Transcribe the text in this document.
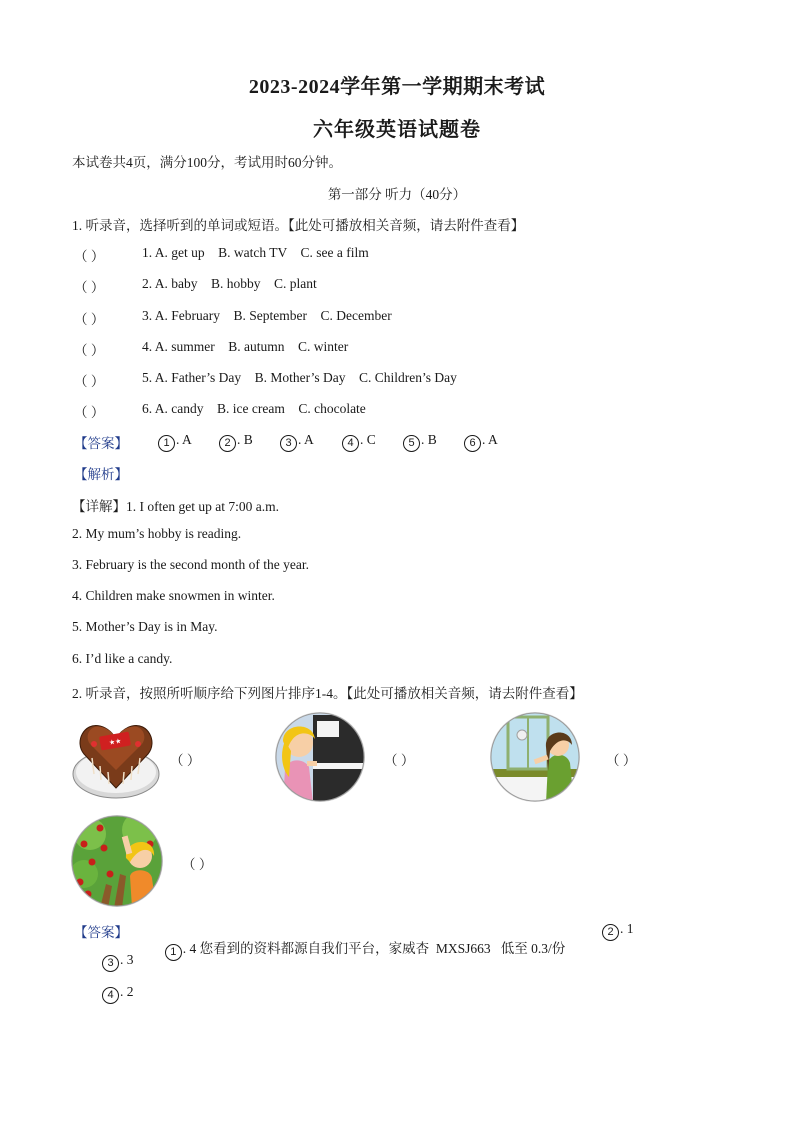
2023-2024学年第一学期期末考试
六年级英语试题卷
本试卷共4页，满分100分，考试用时60分钟。
第一部分 听力（40分）
1. 听录音，选择听到的单词或短语。【此处可播放相关音频，请去附件查看】
（ ）	1. A. get up    B. watch TV    C. see a film
（ ）	2. A. baby    B. hobby    C. plant
（ ）	3. A. February    B. September    C. December
（ ）	4. A. summer    B. autumn    C. winter
（ ）	5. A. Father’s Day    B. Mother’s Day    C. Children’s Day
（ ）	6. A. candy    B. ice cream    C. chocolate
【答案】	1 . A	2 . B	3 . A	4 . C	5 . B	6 . A
【解析】
【详解】1. I often get up at 7:00 a.m.
2. My mum’s hobby is reading.
3. February is the second month of the year.
4. Children make snowmen in winter.
5. Mother’s Day is in May.
6. I’d like a candy.
2. 听录音，按照所听顺序给下列图片排序1-4。【此处可播放相关音频，请去附件查看】
★★
（ ）	（ ）	（ ）
（ ）
【答案】

1 . 4 您看到的资料都源自我们平台，家威杏  MXSJ663   低至 0.3/份

2 . 1
3 . 3
4 . 2
